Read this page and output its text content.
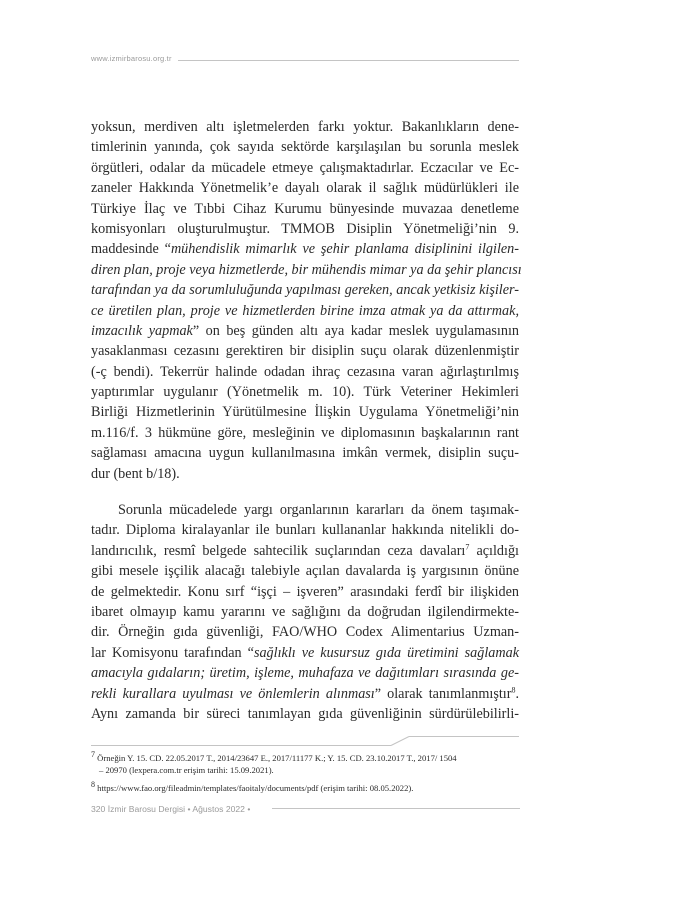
www.izmirbarosu.org.tr
yoksun, merdiven altı işletmelerden farkı yoktur. Bakanlıkların dene-
timlerinin yanında, çok sayıda sektörde karşılaşılan bu sorunla meslek
örgütleri, odalar da mücadele etmeye çalışmaktadırlar. Eczacılar ve Ec-
zaneler Hakkında Yönetmelik’e dayalı olarak il sağlık müdürlükleri ile
Türkiye İlaç ve Tıbbi Cihaz Kurumu bünyesinde muvazaa denetleme
komisyonları oluşturulmuştur. TMMOB Disiplin Yönetmeliği’nin 9.
maddesinde “mühendislik mimarlık ve şehir planlama disiplinini ilgilen-
diren plan, proje veya hizmetlerde, bir mühendis mimar ya da şehir plancısı
tarafından ya da sorumluluğunda yapılması gereken, ancak yetkisiz kişiler-
ce üretilen plan, proje ve hizmetlerden birine imza atmak ya da attırmak,
imzacılık yapmak” on beş günden altı aya kadar meslek uygulamasının
yasaklanması cezasını gerektiren bir disiplin suçu olarak düzenlenmiştir
(-ç bendi). Tekerrür halinde odadan ihraç cezasına varan ağırlaştırılmış
yaptırımlar uygulanır (Yönetmelik m. 10). Türk Veteriner Hekimleri
Birliği Hizmetlerinin Yürütülmesine İlişkin Uygulama Yönetmeliği’nin
m.116/f. 3 hükmüne göre, mesleğinin ve diplomasının başkalarının rant
sağlaması amacına uygun kullanılmasına imkân vermek, disiplin suçu-
dur (bent b/18).
Sorunla mücadelede yargı organlarının kararları da önem taşımak-
tadır. Diploma kiralayanlar ile bunları kullananlar hakkında nitelikli do-
landırıcılık, resmî belgede sahtecilik suçlarından ceza davaları$^7$ açıldığı
gibi mesele işçilik alacağı talebiyle açılan davalarda iş yargısının önüne
de gelmektedir. Konu sırf “işçi – işveren” arasındaki ferdî bir ilişkiden
ibaret olmayıp kamu yararını ve sağlığını da doğrudan ilgilendirmekte-
dir. Örneğin gıda güvenliği, FAO/WHO Codex Alimentarius Uzman-
lar Komisyonu tarafından “sağlıklı ve kusursuz gıda üretimini sağlamak
amacıyla gıdaların; üretim, işleme, muhafaza ve dağıtımları sırasında ge-
rekli kurallara uyulması ve önlemlerin alınması” olarak tanımlanmıştır$^8$.
Aynı zamanda bir süreci tanımlayan gıda güvenliğinin sürdürülebilirli-
$^7$ Örneğin Y. 15. CD. 22.05.2017 T., 2014/23647 E., 2017/11177 K.; Y. 15. CD. 23.10.2017 T., 2017/ 1504
– 20970 (lexpera.com.tr erişim tarihi: 15.09.2021).
$^8$ https://www.fao.org/fileadmin/templates/faoitaly/documents/pdf (erişim tarihi: 08.05.2022).
320 İzmir Barosu Dergisi • Ağustos 2022 •
